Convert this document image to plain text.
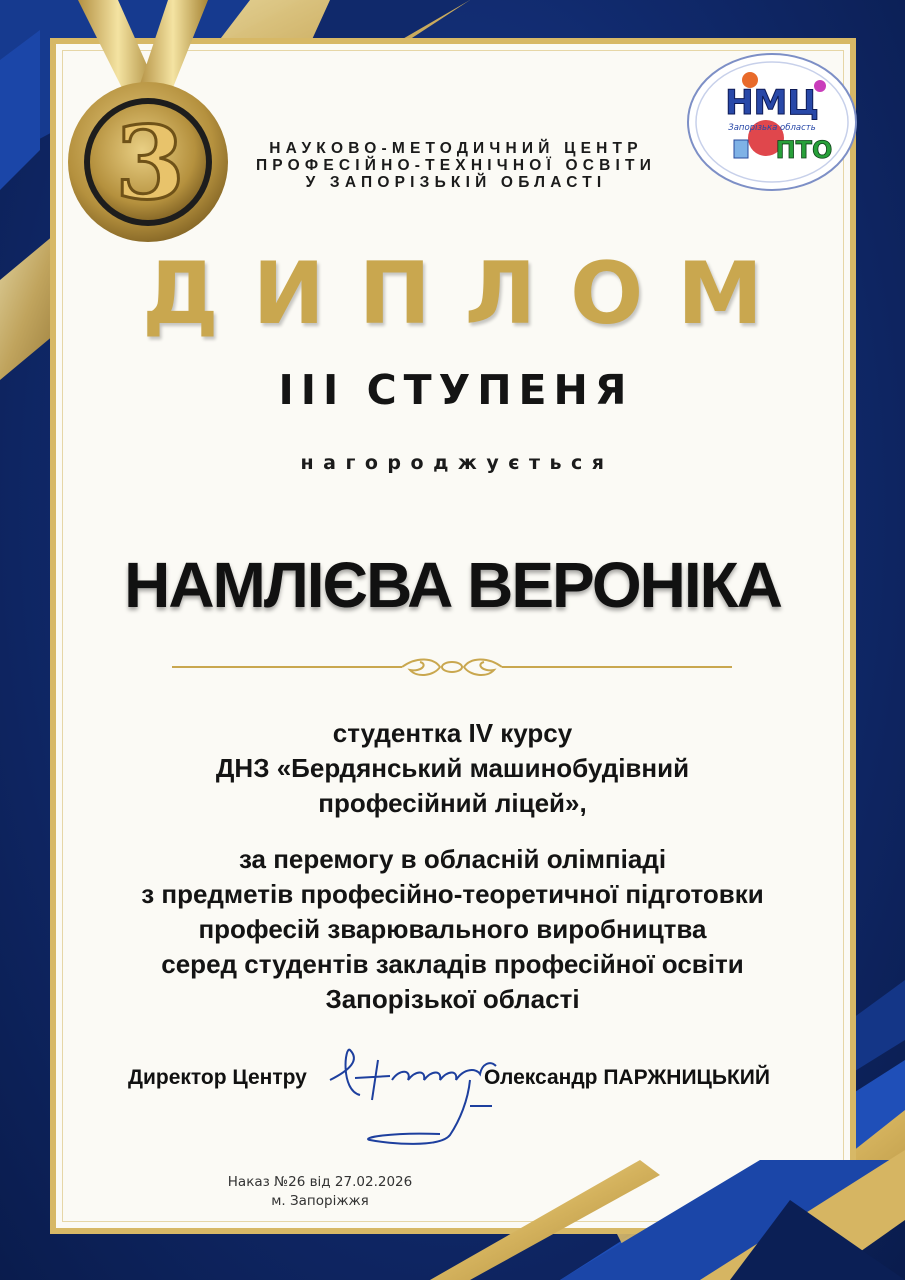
3	НАУКОВО-МЕТОДИЧНИЙ ЦЕНТР
ПРОФЕСІЙНО-ТЕХНІЧНОЇ ОСВІТИ
У ЗАПОРІЗЬКІЙ ОБЛАСТІ
НМЦ
Запорізька область
ПТО
ДИПЛОМ
ІІІ СТУПЕНЯ
нагороджується
НАМЛІЄВА ВЕРОНІКА
студентка IV курсу
ДНЗ «Бердянський машинобудівний
професійний ліцей»,
за перемогу в обласній олімпіаді
з предметів професійно-теоретичної підготовки
професій зварювального виробництва
серед студентів закладів професійної освіти
Запорізької області
Директор Центру	Олександр ПАРЖНИЦЬКИЙ
Наказ №26 від 27.02.2026
м. Запоріжжя
